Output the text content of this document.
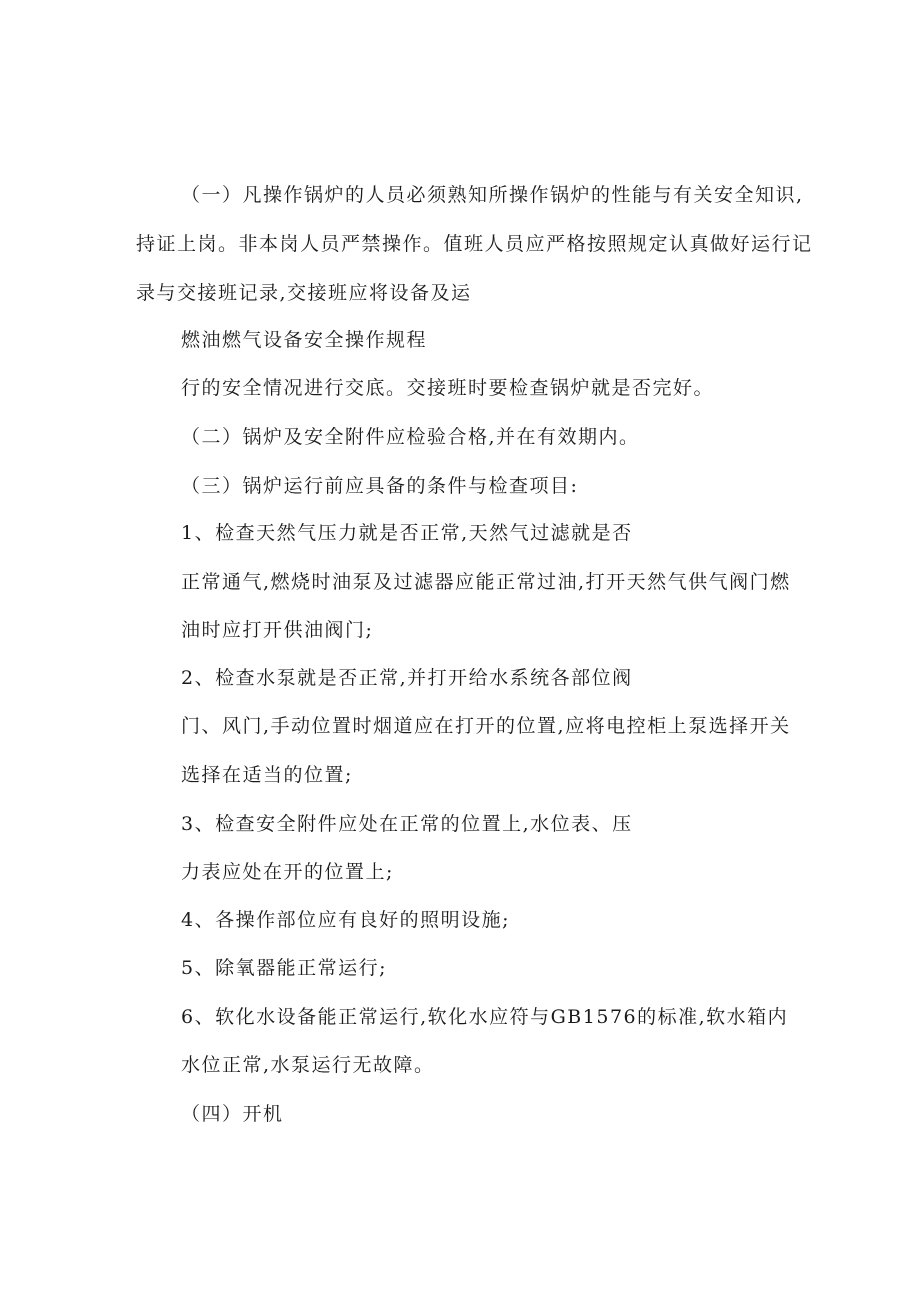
（一）凡操作锅炉的人员必须熟知所操作锅炉的性能与有关安全知识,
持证上岗。非本岗人员严禁操作。值班人员应严格按照规定认真做好运行记
录与交接班记录,交接班应将设备及运
燃油燃气设备安全操作规程
行的安全情况进行交底。交接班时要检查锅炉就是否完好。
（二）锅炉及安全附件应检验合格,并在有效期内。
（三）锅炉运行前应具备的条件与检查项目:
1、检查天然气压力就是否正常,天然气过滤就是否
正常通气,燃烧时油泵及过滤器应能正常过油,打开天然气供气阀门燃
油时应打开供油阀门;
2、检查水泵就是否正常,并打开给水系统各部位阀
门、风门,手动位置时烟道应在打开的位置,应将电控柜上泵选择开关
选择在适当的位置;
3、检查安全附件应处在正常的位置上,水位表、压
力表应处在开的位置上;
4、各操作部位应有良好的照明设施;
5、除氧器能正常运行;
6、软化水设备能正常运行,软化水应符与GB1576的标准,软水箱内
水位正常,水泵运行无故障。
（四）开机
